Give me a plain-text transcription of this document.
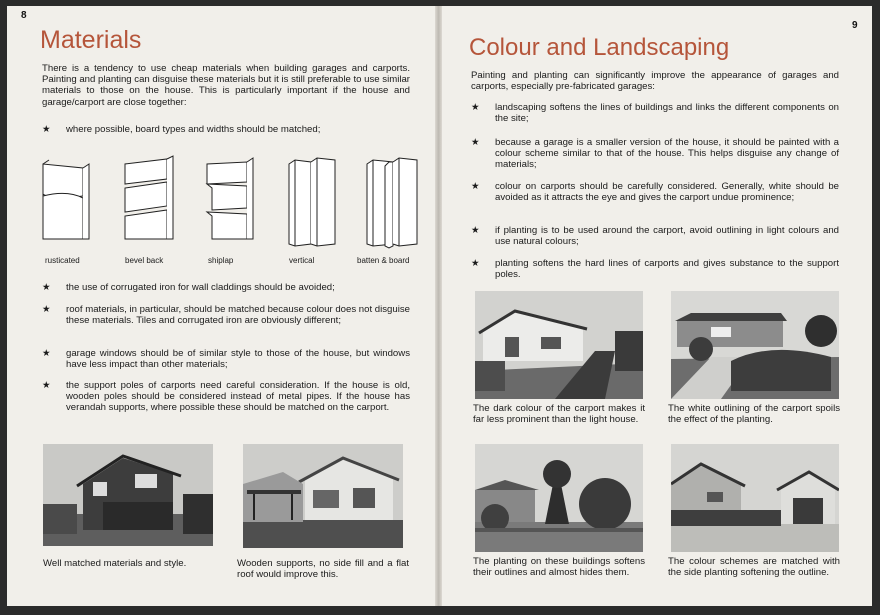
8
Materials

There is a tendency to use cheap materials when building garages and carports. Painting and planting can disguise these materials but it is still preferable to use similar materials to those on the house. This is particularly important if the house and garage/carport are close together:

★ where possible, board types and widths should be matched;
rusticated	bevel back	shiplap	vertical	batten & board
★ the use of corrugated iron for wall claddings should be avoided;
★ roof materials, in particular, should be matched because colour does not disguise these materials. Tiles and corrugated iron are obviously different;
★ garage windows should be of similar style to those of the house, but windows have less impact than other materials;
★ the support poles of carports need careful consideration. If the house is old, wooden poles should be considered instead of metal pipes. If the house has verandah supports, where possible these should be matched on the carport.
Well matched materials and style.	Wooden supports, no side fill and a flat roof would improve this.
9
Colour and Landscaping

Painting and planting can significantly improve the appearance of garages and carports, especially pre-fabricated garages:

★ landscaping softens the lines of buildings and links the different components on the site;
★ because a garage is a smaller version of the house, it should be painted with a colour scheme similar to that of the house. This helps disguise any change of materials;
★ colour on carports should be carefully considered. Generally, white should be avoided as it attracts the eye and gives the carport undue prominence;
★ if planting is to be used around the carport, avoid outlining in light colours and use natural colours;
★ planting softens the hard lines of carports and gives substance to the support poles.
The dark colour of the carport makes it far less prominent than the light house.
The white outlining of the carport spoils the effect of the planting.
The planting on these buildings softens their outlines and almost hides them.
The colour schemes are matched with the side planting softening the outline.
